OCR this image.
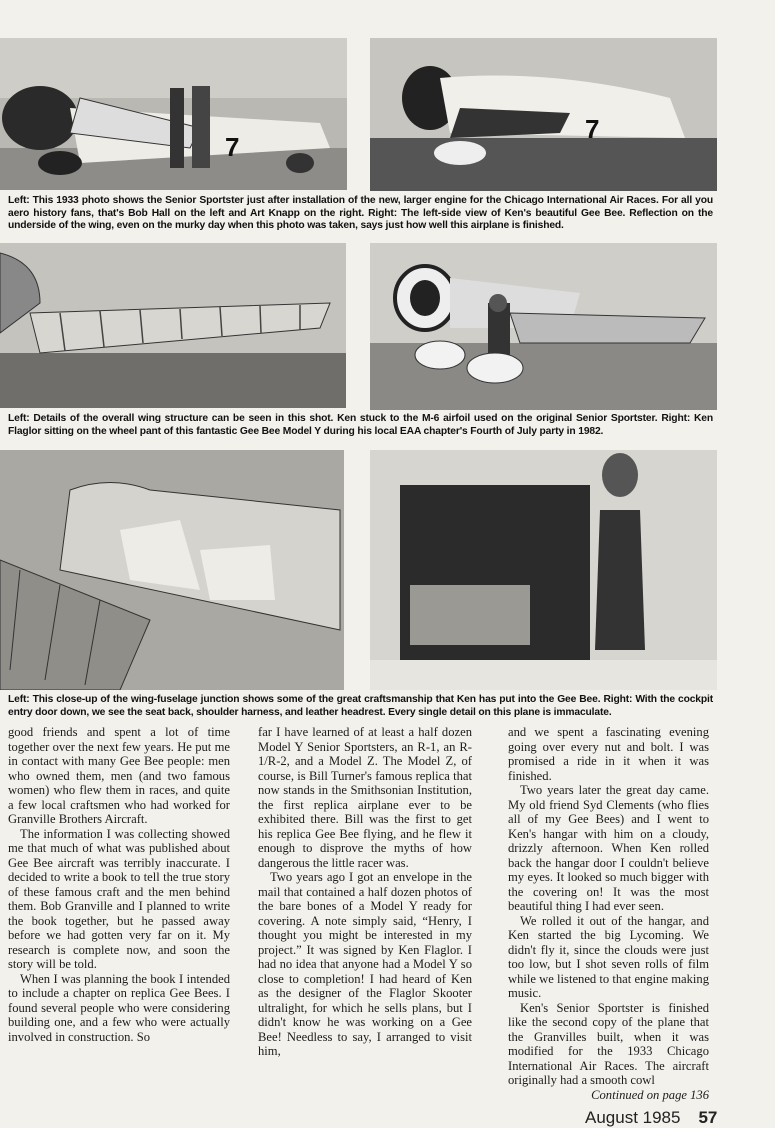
7
7
Left: This 1933 photo shows the Senior Sportster just after installation of the new, larger engine for the Chicago International Air Races. For all you aero history fans, that's Bob Hall on the left and Art Knapp on the right. Right: The left-side view of Ken's beautiful Gee Bee. Reflection on the underside of the wing, even on the murky day when this photo was taken, says just how well this airplane is finished.
Left: Details of the overall wing structure can be seen in this shot. Ken stuck to the M-6 airfoil used on the original Senior Sportster. Right: Ken Flaglor sitting on the wheel pant of this fantastic Gee Bee Model Y during his local EAA chapter's Fourth of July party in 1982.
Left: This close-up of the wing-fuselage junction shows some of the great craftsmanship that Ken has put into the Gee Bee. Right: With the cockpit entry door down, we see the seat back, shoulder harness, and leather headrest. Every single detail on this plane is immaculate.

good friends and spent a lot of time together over the next few years. He put me in contact with many Gee Bee people: men who owned them, men (and two famous women) who flew them in races, and quite a few local craftsmen who had worked for Granville Brothers Aircraft.

The information I was collecting showed me that much of what was published about Gee Bee aircraft was terribly inaccurate. I decided to write a book to tell the true story of these famous craft and the men behind them. Bob Granville and I planned to write the book together, but he passed away before we had gotten very far on it. My research is complete now, and soon the story will be told.

When I was planning the book I intended to include a chapter on replica Gee Bees. I found several people who were considering building one, and a few who were actually involved in construction. So

far I have learned of at least a half dozen Model Y Senior Sportsters, an R-1, an R-1/R-2, and a Model Z. The Model Z, of course, is Bill Turner's famous replica that now stands in the Smithsonian Institution, the first replica airplane ever to be exhibited there. Bill was the first to get his replica Gee Bee flying, and he flew it enough to disprove the myths of how dangerous the little racer was.

Two years ago I got an envelope in the mail that contained a half dozen photos of the bare bones of a Model Y ready for covering. A note simply said, “Henry, I thought you might be interested in my project.” It was signed by Ken Flaglor. I had no idea that anyone had a Model Y so close to completion! I had heard of Ken as the designer of the Flaglor Skooter ultralight, for which he sells plans, but I didn't know he was working on a Gee Bee! Needless to say, I arranged to visit him,

and we spent a fascinating evening going over every nut and bolt. I was promised a ride in it when it was finished.

Two years later the great day came. My old friend Syd Clements (who flies all of my Gee Bees) and I went to Ken's hangar with him on a cloudy, drizzly afternoon. When Ken rolled back the hangar door I couldn't believe my eyes. It looked so much bigger with the covering on! It was the most beautiful thing I had ever seen.

We rolled it out of the hangar, and Ken started the big Lycoming. We didn't fly it, since the clouds were just too low, but I shot seven rolls of film while we listened to that engine making music.

Ken's Senior Sportster is finished like the second copy of the plane that the Granvilles built, when it was modified for the 1933 Chicago International Air Races. The aircraft originally had a smooth cowl

Continued on page 136
August 1985 57
